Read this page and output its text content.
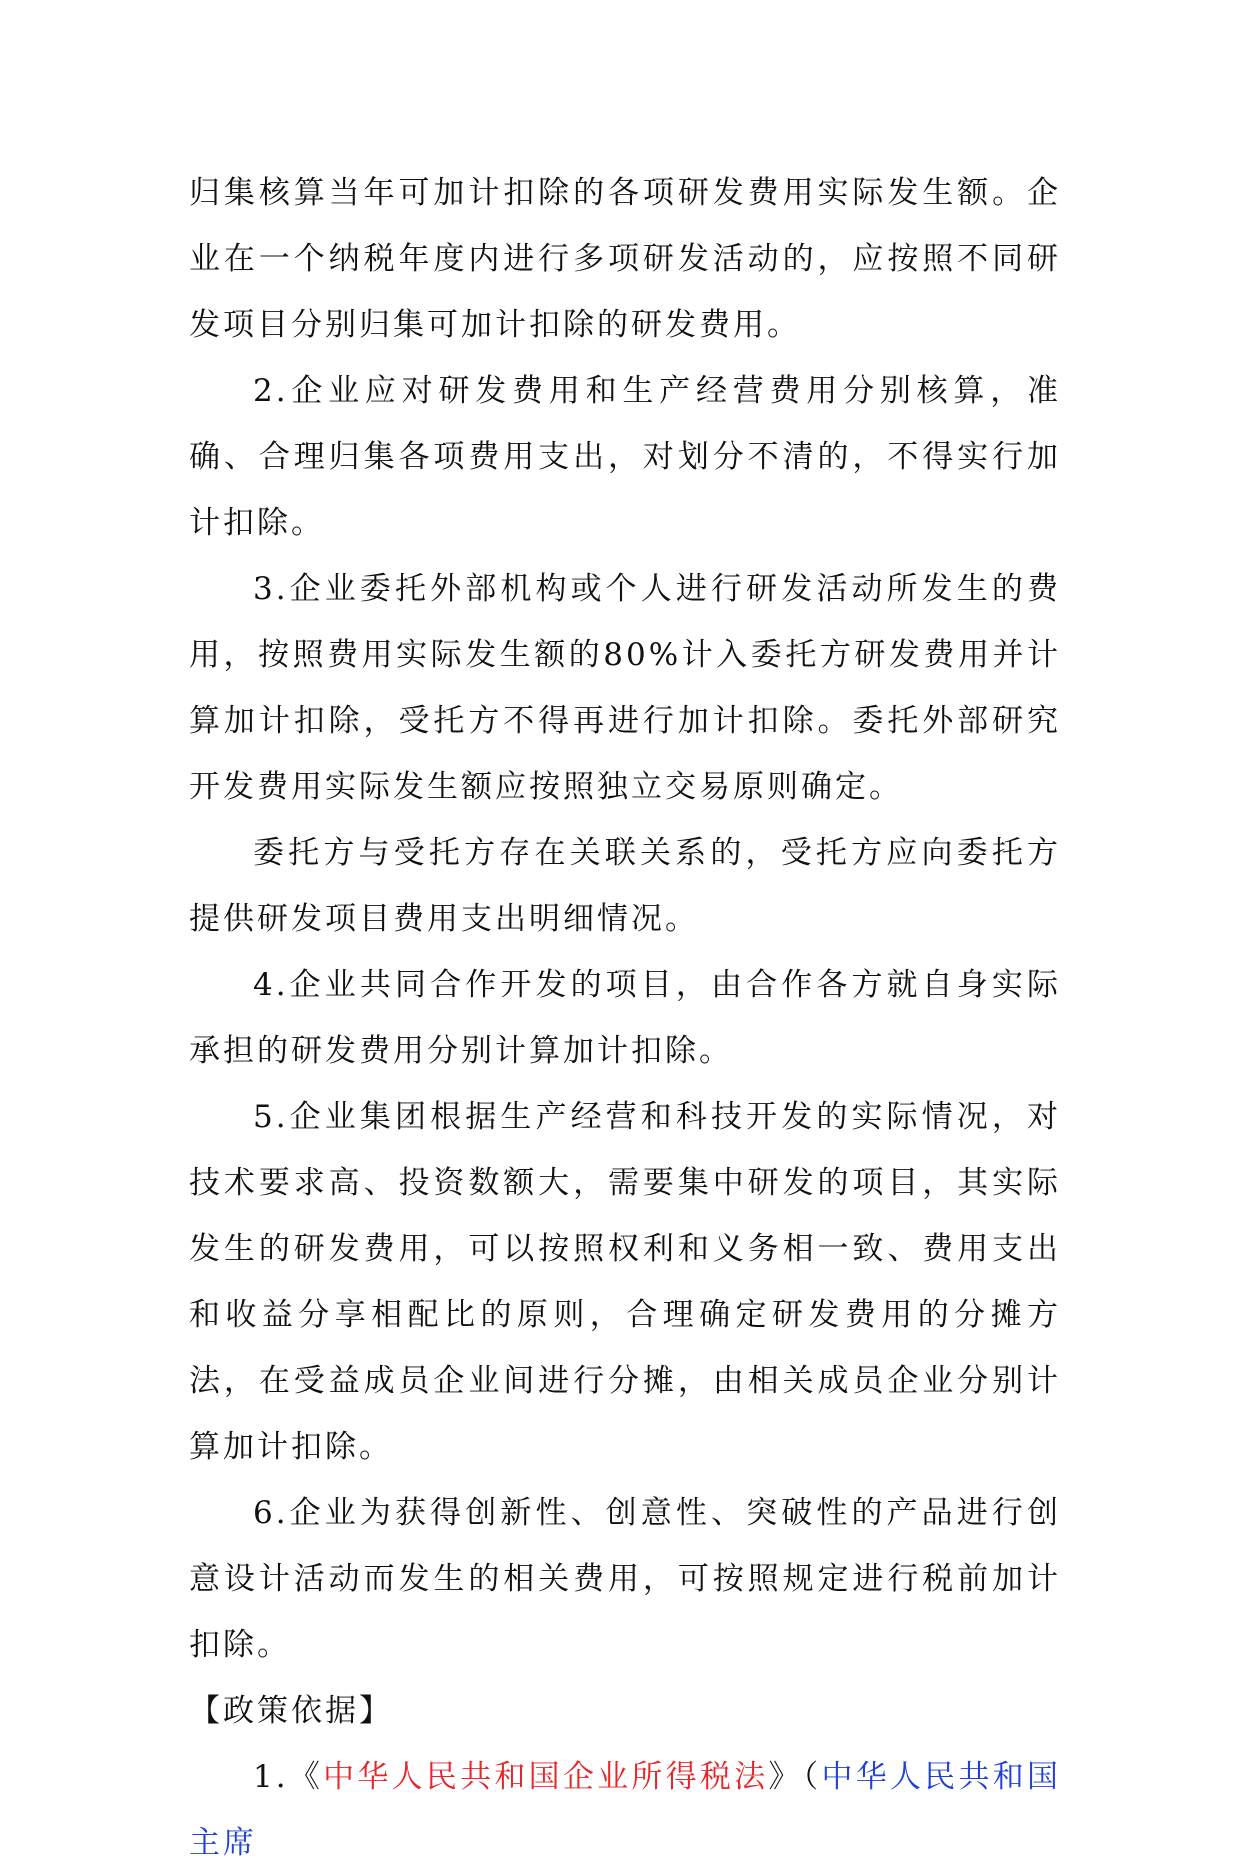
归集核算当年可加计扣除的各项研发费用实际发生额。企业在一个纳税年度内进行多项研发活动的，应按照不同研发项目分别归集可加计扣除的研发费用。

2.企业应对研发费用和生产经营费用分别核算，准确、合理归集各项费用支出，对划分不清的，不得实行加计扣除。

3.企业委托外部机构或个人进行研发活动所发生的费用，按照费用实际发生额的80%计入委托方研发费用并计算加计扣除，受托方不得再进行加计扣除。委托外部研究开发费用实际发生额应按照独立交易原则确定。

委托方与受托方存在关联关系的，受托方应向委托方提供研发项目费用支出明细情况。

4.企业共同合作开发的项目，由合作各方就自身实际承担的研发费用分别计算加计扣除。

5.企业集团根据生产经营和科技开发的实际情况，对技术要求高、投资数额大，需要集中研发的项目，其实际发生的研发费用，可以按照权利和义务相一致、费用支出和收益分享相配比的原则，合理确定研发费用的分摊方法，在受益成员企业间进行分摊，由相关成员企业分别计算加计扣除。

6.企业为获得创新性、创意性、突破性的产品进行创意设计活动而发生的相关费用，可按照规定进行税前加计扣除。

【政策依据】

1.《中华人民共和国企业所得税法》（中华人民共和国主席
